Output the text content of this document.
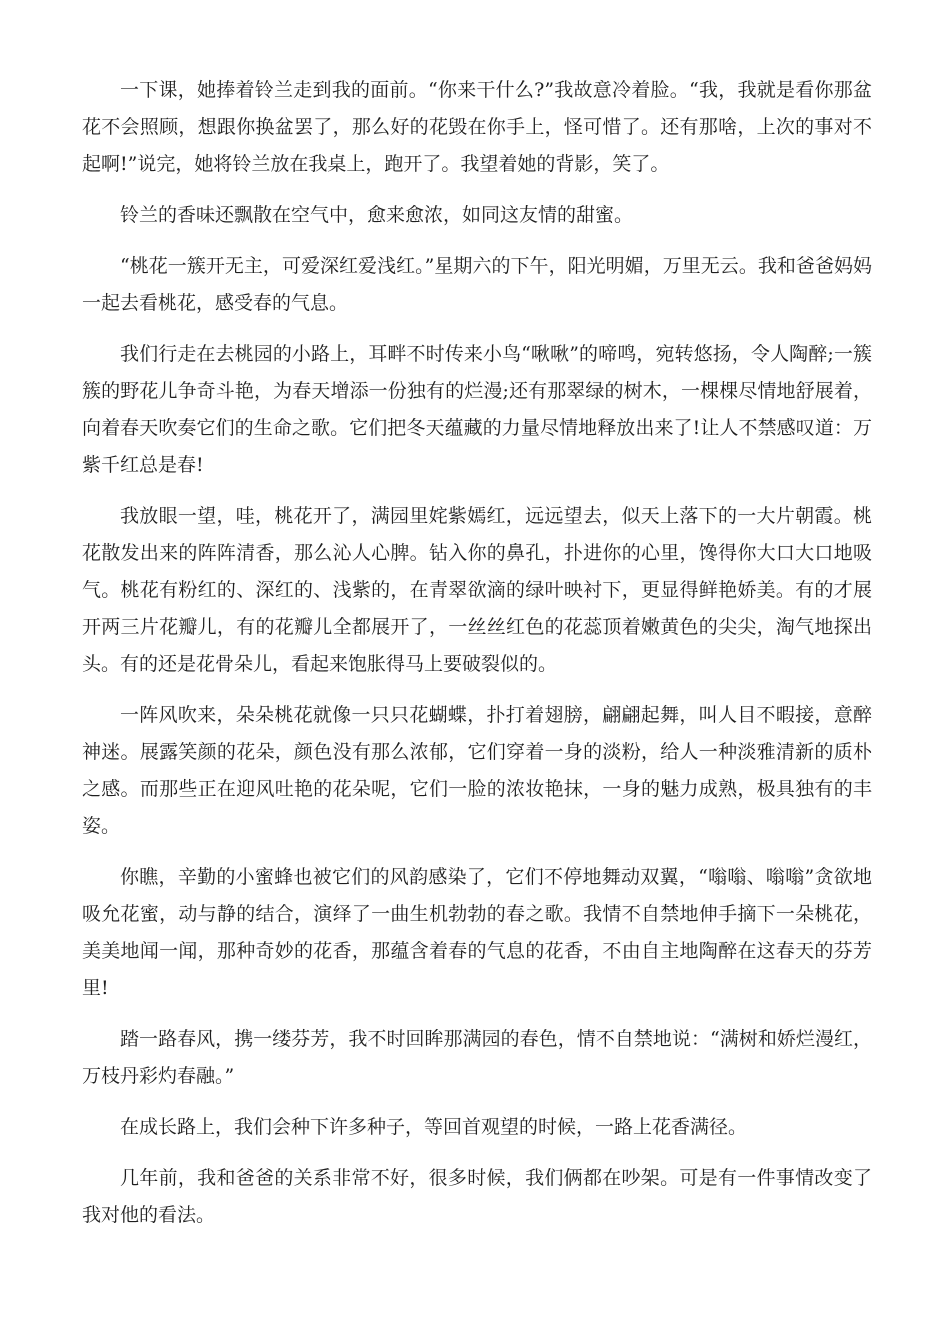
一下课，她捧着铃兰走到我的面前。“你来干什么?”我故意冷着脸。“我，我就是看你那盆花不会照顾，想跟你换盆罢了，那么好的花毁在你手上，怪可惜了。还有那啥，上次的事对不起啊!”说完，她将铃兰放在我桌上，跑开了。我望着她的背影，笑了。

铃兰的香味还飘散在空气中，愈来愈浓，如同这友情的甜蜜。

“桃花一簇开无主，可爱深红爱浅红。”星期六的下午，阳光明媚，万里无云。我和爸爸妈妈一起去看桃花，感受春的气息。

我们行走在去桃园的小路上，耳畔不时传来小鸟“啾啾”的啼鸣，宛转悠扬，令人陶醉;一簇簇的野花儿争奇斗艳，为春天增添一份独有的烂漫;还有那翠绿的树木，一棵棵尽情地舒展着，向着春天吹奏它们的生命之歌。它们把冬天蕴藏的力量尽情地释放出来了!让人不禁感叹道：万紫千红总是春!

我放眼一望，哇，桃花开了，满园里姹紫嫣红，远远望去，似天上落下的一大片朝霞。桃花散发出来的阵阵清香，那么沁人心脾。钻入你的鼻孔，扑进你的心里，馋得你大口大口地吸气。桃花有粉红的、深红的、浅紫的，在青翠欲滴的绿叶映衬下，更显得鲜艳娇美。有的才展开两三片花瓣儿，有的花瓣儿全都展开了，一丝丝红色的花蕊顶着嫩黄色的尖尖，淘气地探出头。有的还是花骨朵儿，看起来饱胀得马上要破裂似的。

一阵风吹来，朵朵桃花就像一只只花蝴蝶，扑打着翅膀，翩翩起舞，叫人目不暇接，意醉神迷。展露笑颜的花朵，颜色没有那么浓郁，它们穿着一身的淡粉，给人一种淡雅清新的质朴之感。而那些正在迎风吐艳的花朵呢，它们一脸的浓妆艳抹，一身的魅力成熟，极具独有的丰姿。

你瞧，辛勤的小蜜蜂也被它们的风韵感染了，它们不停地舞动双翼，“嗡嗡、嗡嗡”贪欲地吸允花蜜，动与静的结合，演绎了一曲生机勃勃的春之歌。我情不自禁地伸手摘下一朵桃花，美美地闻一闻，那种奇妙的花香，那蕴含着春的气息的花香，不由自主地陶醉在这春天的芬芳里!

踏一路春风，携一缕芬芳，我不时回眸那满园的春色，情不自禁地说：“满树和娇烂漫红，万枝丹彩灼春融。”

在成长路上，我们会种下许多种子，等回首观望的时候，一路上花香满径。

几年前，我和爸爸的关系非常不好，很多时候，我们俩都在吵架。可是有一件事情改变了我对他的看法。
